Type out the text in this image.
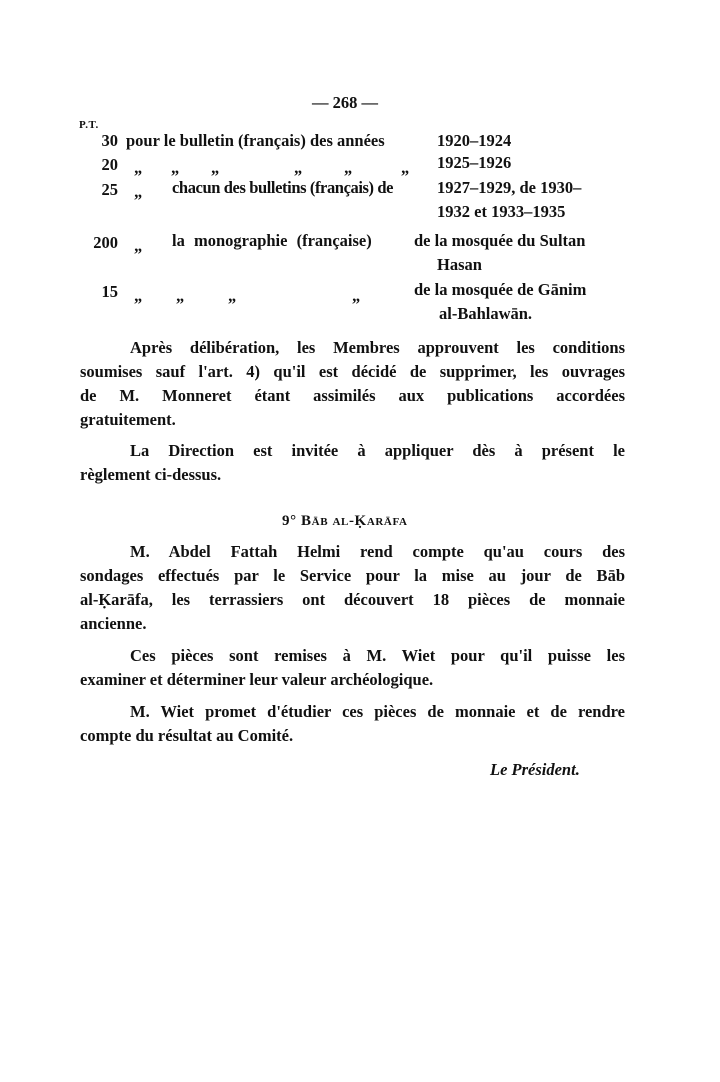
— 268 —
P.T.
30 pour le bulletin (français) des années	1920–1924
20 „ „ „	„	„	„ 1925–1926
25 „ chacun des bulletins (français) de	1927–1929, de 1930–
1932 et 1933–1935
200 „ la monographie (française)	de la mosquée du Sultan
Hasan
15 „ „	„	„	de la mosquée de Gānim
al-Bahlawān.
Après délibération, les Membres approuvent les conditions
soumises sauf l'art. 4) qu'il est décidé de supprimer, les ouvrages
de M. Monneret étant assimilés aux publications accordées
gratuitement.
La Direction est invitée à appliquer dès à présent le
règlement ci-dessus.
9° Bāb al-Ḳarāfa
M. Abdel Fattah Helmi rend compte qu'au cours des
sondages effectués par le Service pour la mise au jour de Bāb
al-Ḳarāfa, les terrassiers ont découvert 18 pièces de monnaie
ancienne.
Ces pièces sont remises à M. Wiet pour qu'il puisse les
examiner et déterminer leur valeur archéologique.
M. Wiet promet d'étudier ces pièces de monnaie et de rendre
compte du résultat au Comité.
Le Président.
